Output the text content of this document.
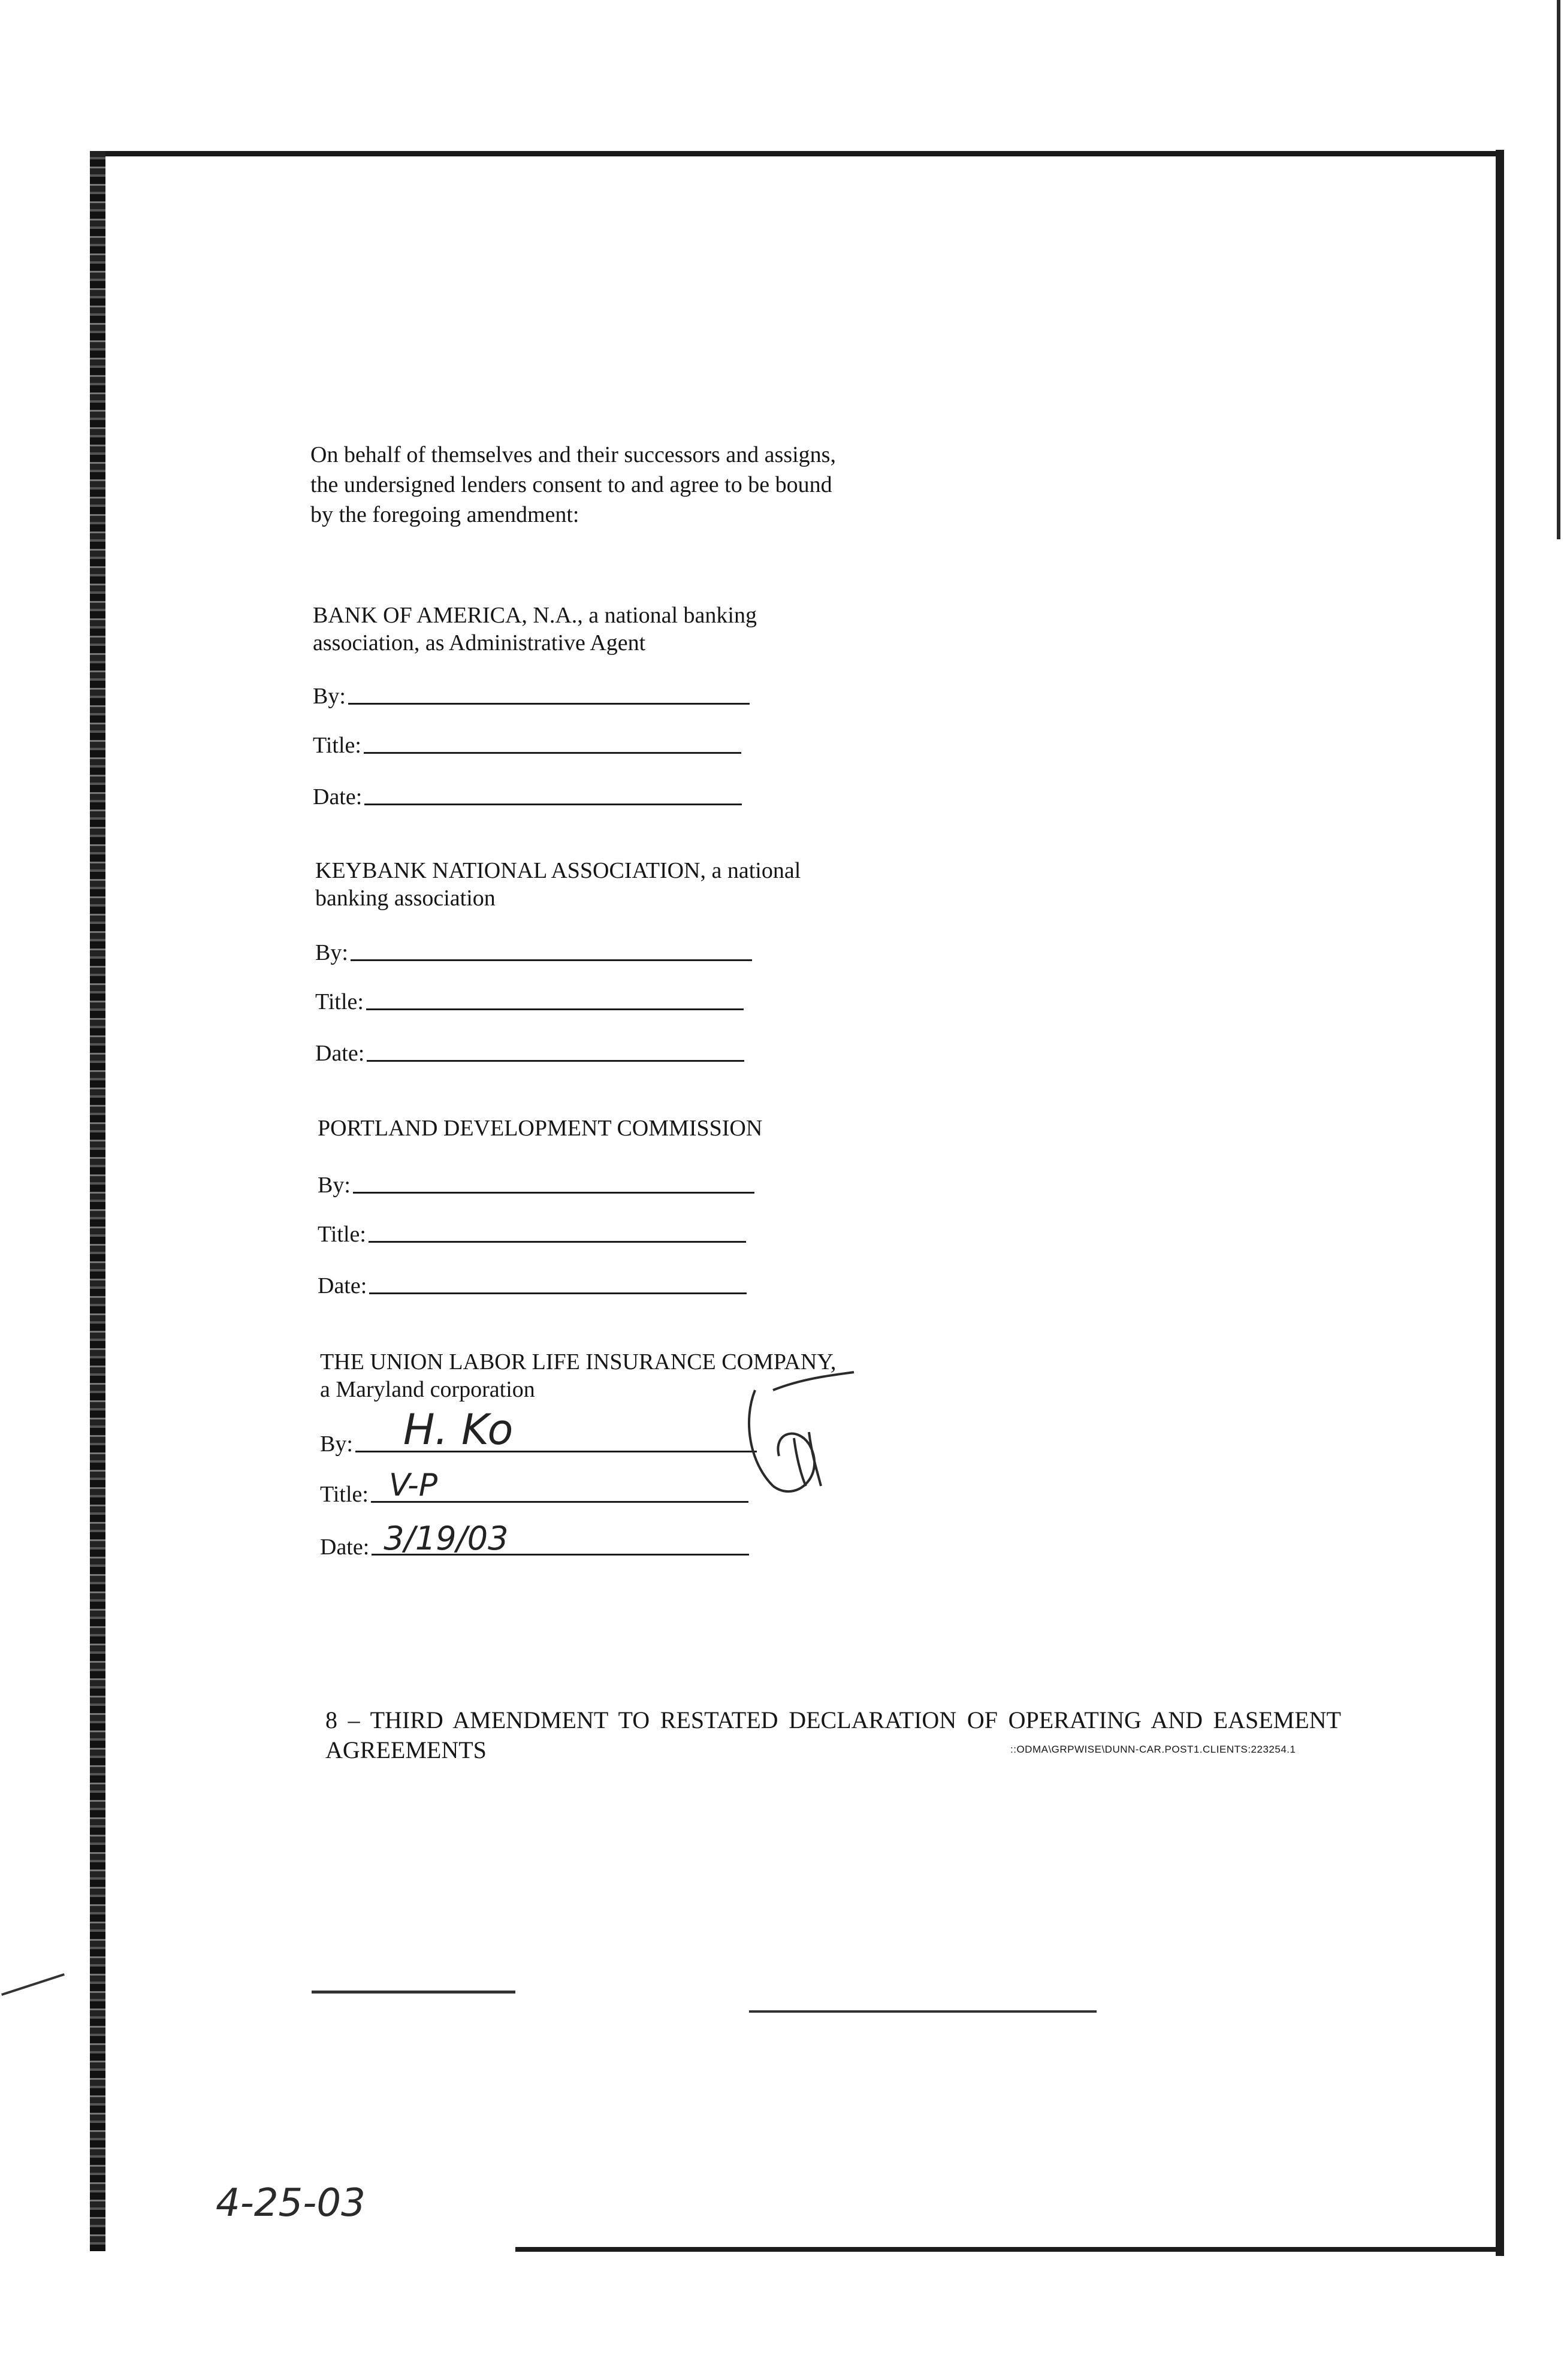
On behalf of themselves and their successors and assigns,
the undersigned lenders consent to and agree to be bound
by the foregoing amendment:
BANK OF AMERICA, N.A., a national banking
association, as Administrative Agent
By:
Title:
Date:
KEYBANK NATIONAL ASSOCIATION, a national
banking association
By:
Title:
Date:
PORTLAND DEVELOPMENT COMMISSION
By:
Title:
Date:
THE UNION LABOR LIFE INSURANCE COMPANY,
a Maryland corporation
By: H. Ko
Title: V-P
Date: 3/19/03
8 – THIRD AMENDMENT TO RESTATED DECLARATION OF OPERATING AND EASEMENT AGREEMENTS	::ODMA\GRPWISE\DUNN-CAR.POST1.CLIENTS:223254.1
4-25-03
